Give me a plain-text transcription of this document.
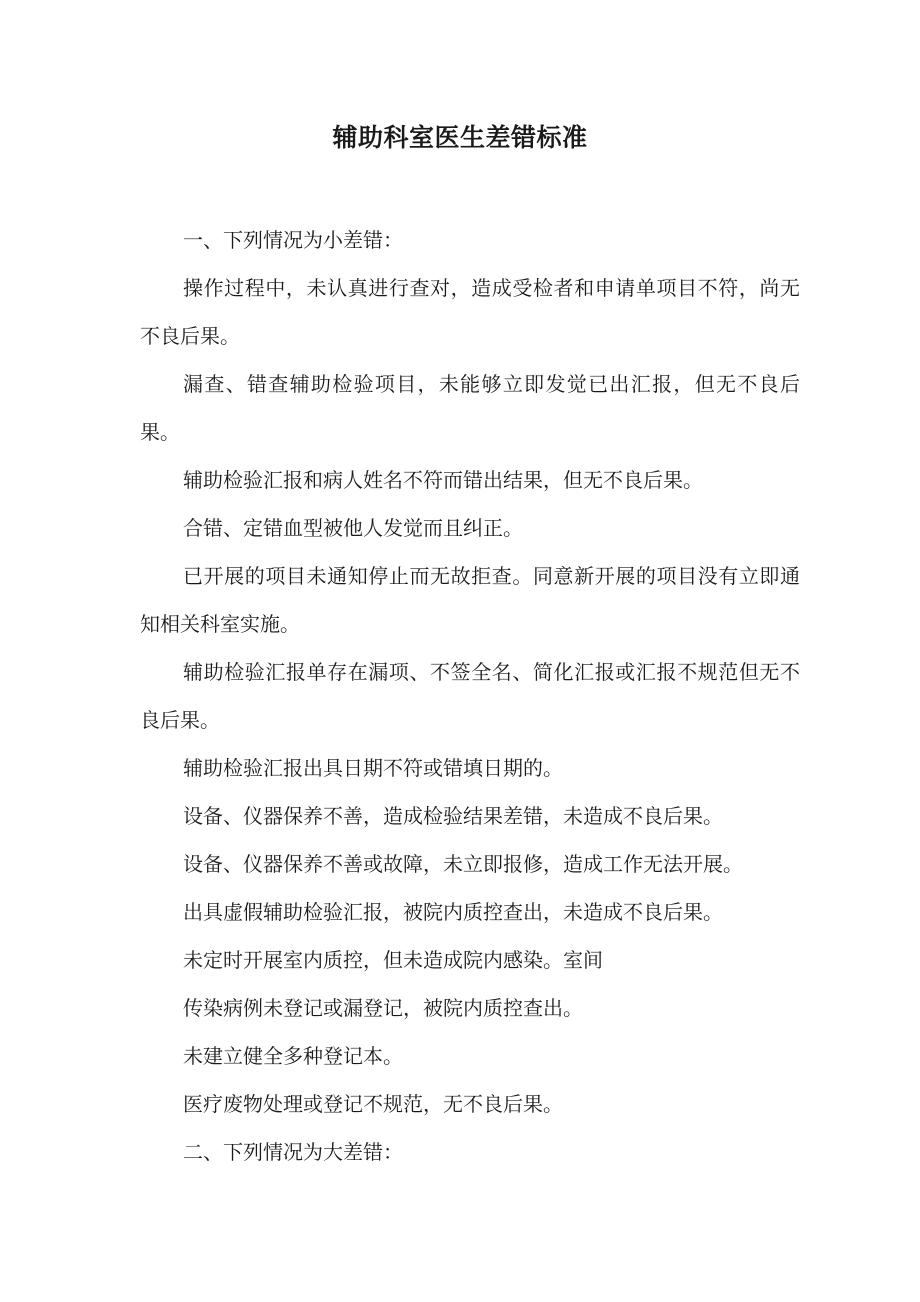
辅助科室医生差错标准

一、下列情况为小差错：

操作过程中，未认真进行查对，造成受检者和申请单项目不符，尚无不良后果。

漏查、错查辅助检验项目，未能够立即发觉已出汇报，但无不良后果。

辅助检验汇报和病人姓名不符而错出结果，但无不良后果。

合错、定错血型被他人发觉而且纠正。

已开展的项目未通知停止而无故拒查。同意新开展的项目没有立即通知相关科室实施。

辅助检验汇报单存在漏项、不签全名、简化汇报或汇报不规范但无不良后果。

辅助检验汇报出具日期不符或错填日期的。

设备、仪器保养不善，造成检验结果差错，未造成不良后果。

设备、仪器保养不善或故障，未立即报修，造成工作无法开展。

出具虚假辅助检验汇报，被院内质控查出，未造成不良后果。

未定时开展室内质控，但未造成院内感染。室间

传染病例未登记或漏登记，被院内质控查出。

未建立健全多种登记本。

医疗废物处理或登记不规范，无不良后果。

二、下列情况为大差错：
